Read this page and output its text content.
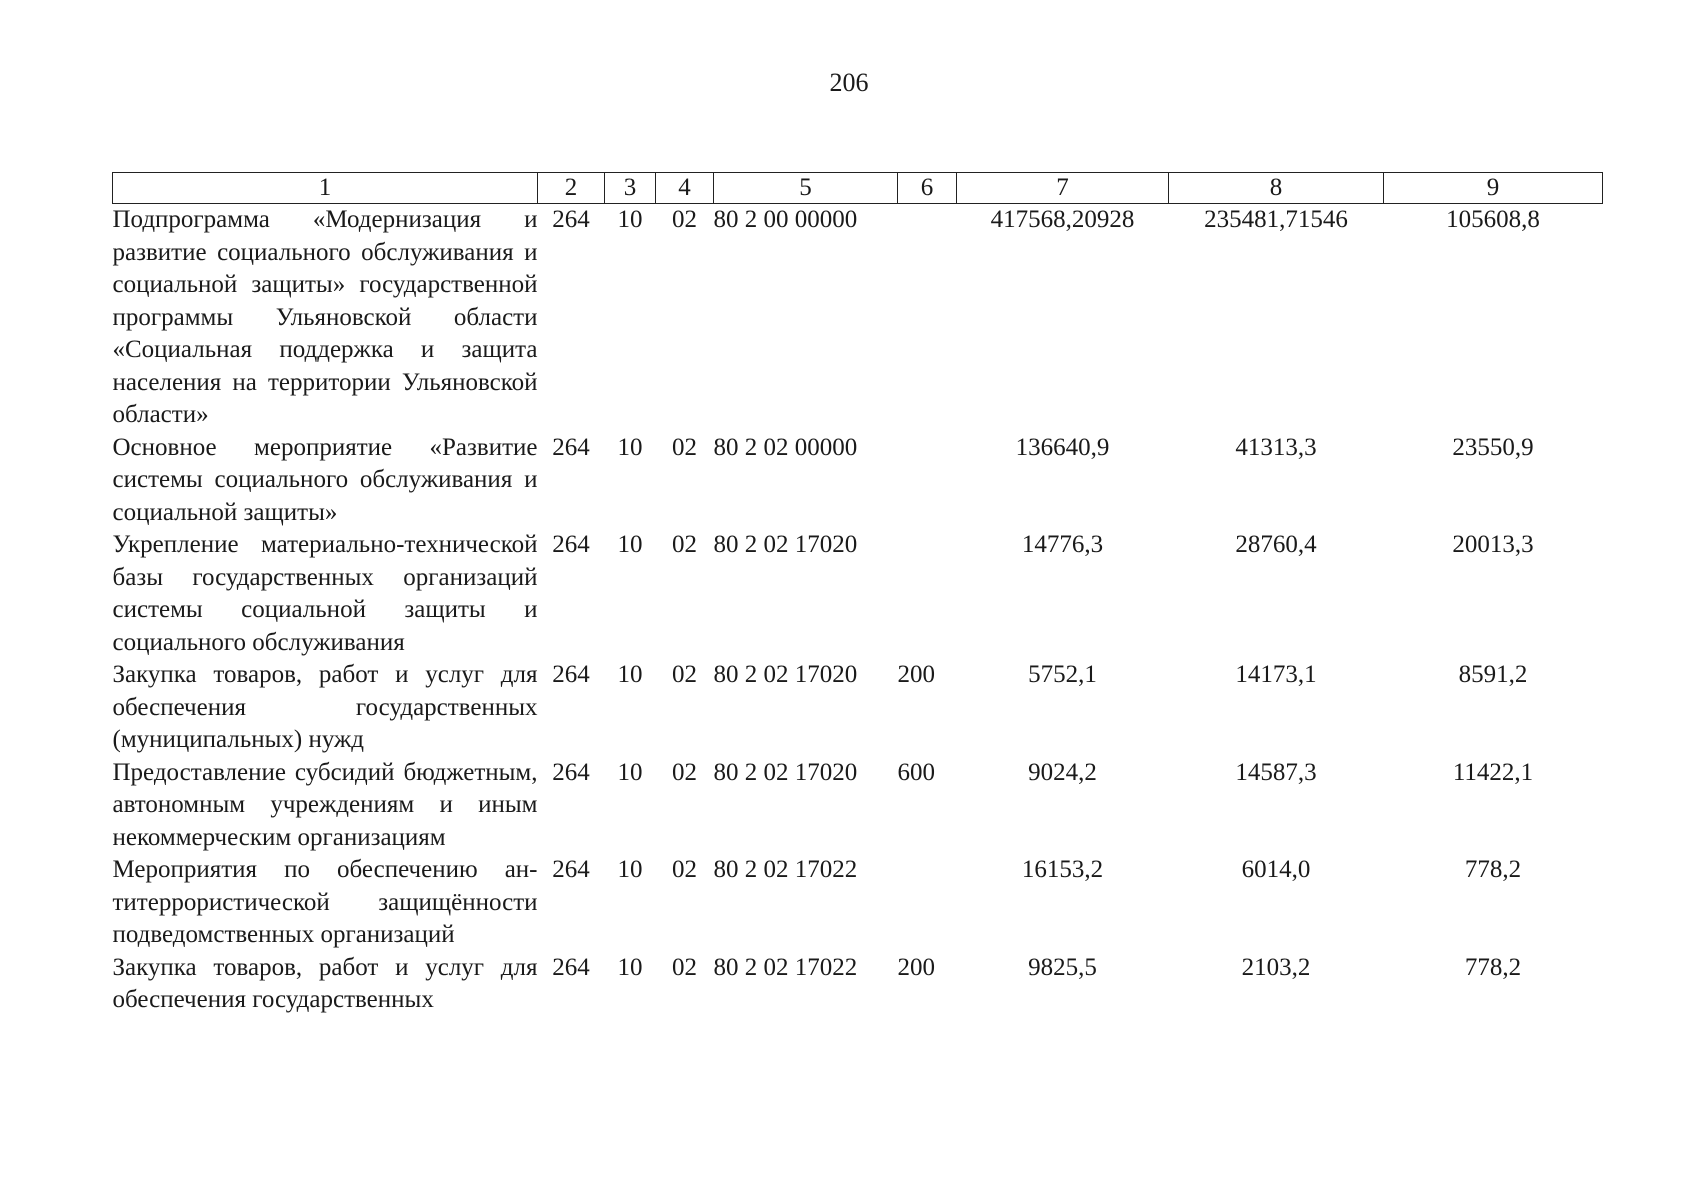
206
1	2	3	4	5	6	7	8	9
Подпрограмма «Модернизация и развитие социального обслуживания и социальной защиты» государственной программы Ульяновской области «Социальная поддержка и защита населения на территории Ульяновской области»	264	10	02	80 2 00 00000		417568,20928	235481,71546	105608,8
Основное мероприятие «Развитие системы социального обслуживания и социальной защиты»	264	10	02	80 2 02 00000		136640,9	41313,3	23550,9
Укрепление материально-технической базы государственных организаций системы социальной защиты и социального обслуживания	264	10	02	80 2 02 17020		14776,3	28760,4	20013,3
Закупка товаров, работ и услуг для обеспечения государственных (муниципальных) нужд	264	10	02	80 2 02 17020	200	5752,1	14173,1	8591,2
Предоставление субсидий бюджетным, автономным учреждениям и иным некоммерческим организациям	264	10	02	80 2 02 17020	600	9024,2	14587,3	11422,1
Мероприятия по обеспечению антитеррористической защищённости подведомственных организаций	264	10	02	80 2 02 17022		16153,2	6014,0	778,2
Закупка товаров, работ и услуг для обеспечения государственных	264	10	02	80 2 02 17022	200	9825,5	2103,2	778,2
